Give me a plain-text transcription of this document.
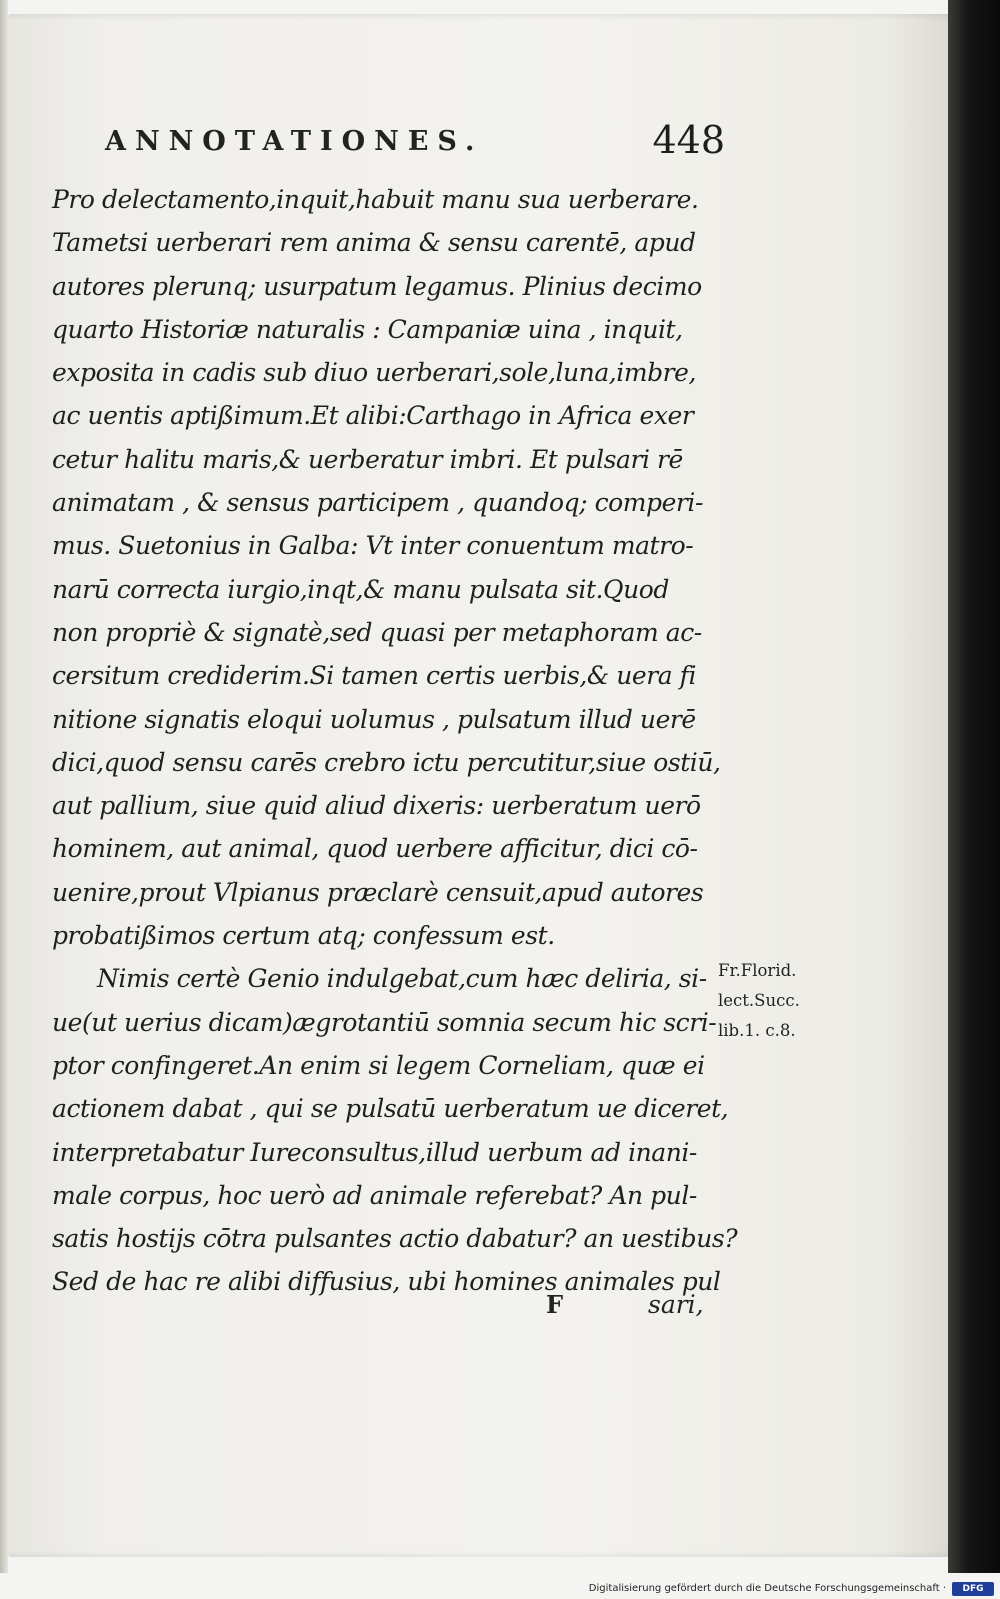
ANNOTATIONES.	448
Pro delectamento,inquit,habuit manu sua uerberare.
Tametsi uerberari rem anima & sensu carentē, apud
autores plerunq; usurpatum legamus. Plinius decimo
quarto Historiæ naturalis : Campaniæ uina , inquit,
exposita in cadis sub diuo uerberari,sole,luna,imbre,
ac uentis aptißimum.Et alibi:Carthago in Africa exer
cetur halitu maris,& uerberatur imbri. Et pulsari rē
animatam , & sensus participem , quandoq; comperi-
mus. Suetonius in Galba: Vt inter conuentum matro-
narū correcta iurgio,inqt,& manu pulsata sit.Quod
non propriè & signatè,sed quasi per metaphoram ac-
cersitum crediderim.Si tamen certis uerbis,& uera fi
nitione signatis eloqui uolumus , pulsatum illud uerē
dici,quod sensu carēs crebro ictu percutitur,siue ostiū,
aut pallium, siue quid aliud dixeris: uerberatum uerō
hominem, aut animal, quod uerbere afficitur, dici cō-
uenire,prout Vlpianus præclarè censuit,apud autores
probatißimos certum atq; confessum est.
Nimis certè Genio indulgebat,cum hæc deliria, si-
ue(ut uerius dicam)ægrotantiū somnia secum hic scri-
ptor confingeret.An enim si legem Corneliam, quæ ei
actionem dabat , qui se pulsatū uerberatum ue diceret,
interpretabatur Iureconsultus,illud uerbum ad inani-
male corpus, hoc uerò ad animale referebat? An pul-
satis hostijs cōtra pulsantes actio dabatur? an uestibus?
Sed de hac re alibi diffusius, ubi homines animales pul
Fr.Florid.
lect.Succ.
lib.1. c.8.
F	sari,
Digitalisierung gefördert durch die Deutsche Forschungsgemeinschaft ·	DFG
